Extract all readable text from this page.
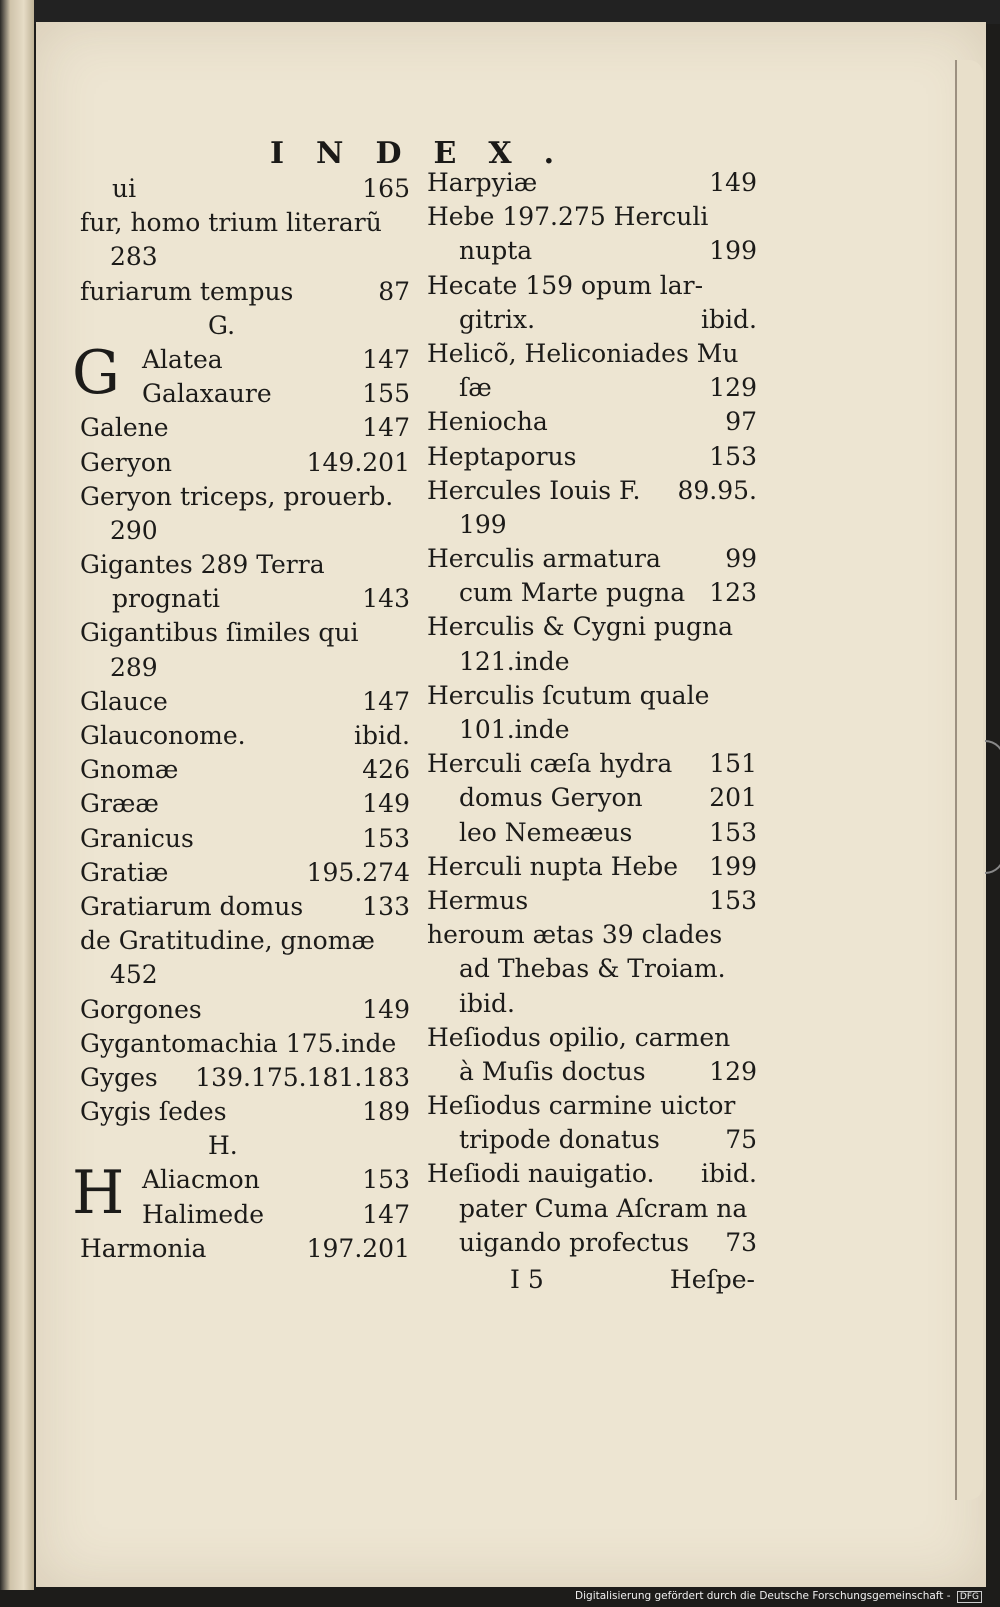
INDEX.
ui	165
fur, homo trium literarũ
283
furiarum tempus	87
G.
G Alatea	147
Galaxaure	155
Galene	147
Geryon	149.201
Geryon triceps, prouerb.
290
Gigantes 289 Terra
prognati	143
Gigantibus ſimiles qui
289
Glauce	147
Glauconome.	ibid.
Gnomæ	426
Grææ	149
Granicus	153
Gratiæ	195.274
Gratiarum domus 133
de Gratitudine, gnomæ
452
Gorgones	149
Gygantomachia 175.inde
Gyges 139.175.181.183
Gygis ſedes	189
H.
H Aliacmon	153
Halimede	147
Harmonia	197.201
Harpyiæ	149
Hebe 197.275 Herculi
nupta	199
Hecate 159 opum lar-
gitrix.	ibid.
Helicõ, Heliconiades Mu
ſæ	129
Heniocha	97
Heptaporus	153
Hercules Iouis F. 89.95.
199
Herculis armatura	99
cum Marte pugna 123
Herculis & Cygni pugna
121.inde
Herculis ſcutum quale
101.inde
Herculi cæſa hydra 151
domus Geryon	201
leo Nemeæus	153
Herculi nupta Hebe 199
Hermus	153
heroum ætas 39 clades
ad Thebas & Troiam.
ibid.
Heſiodus opilio, carmen
à Muſis doctus	129
Heſiodus carmine uictor
tripode donatus	75
Heſiodi nauigatio. ibid.
pater Cuma Aſcram na
uigando profectus 73
I 5	Heſpe-
Digitalisierung gefördert durch die Deutsche Forschungsgemeinschaft - DFG
